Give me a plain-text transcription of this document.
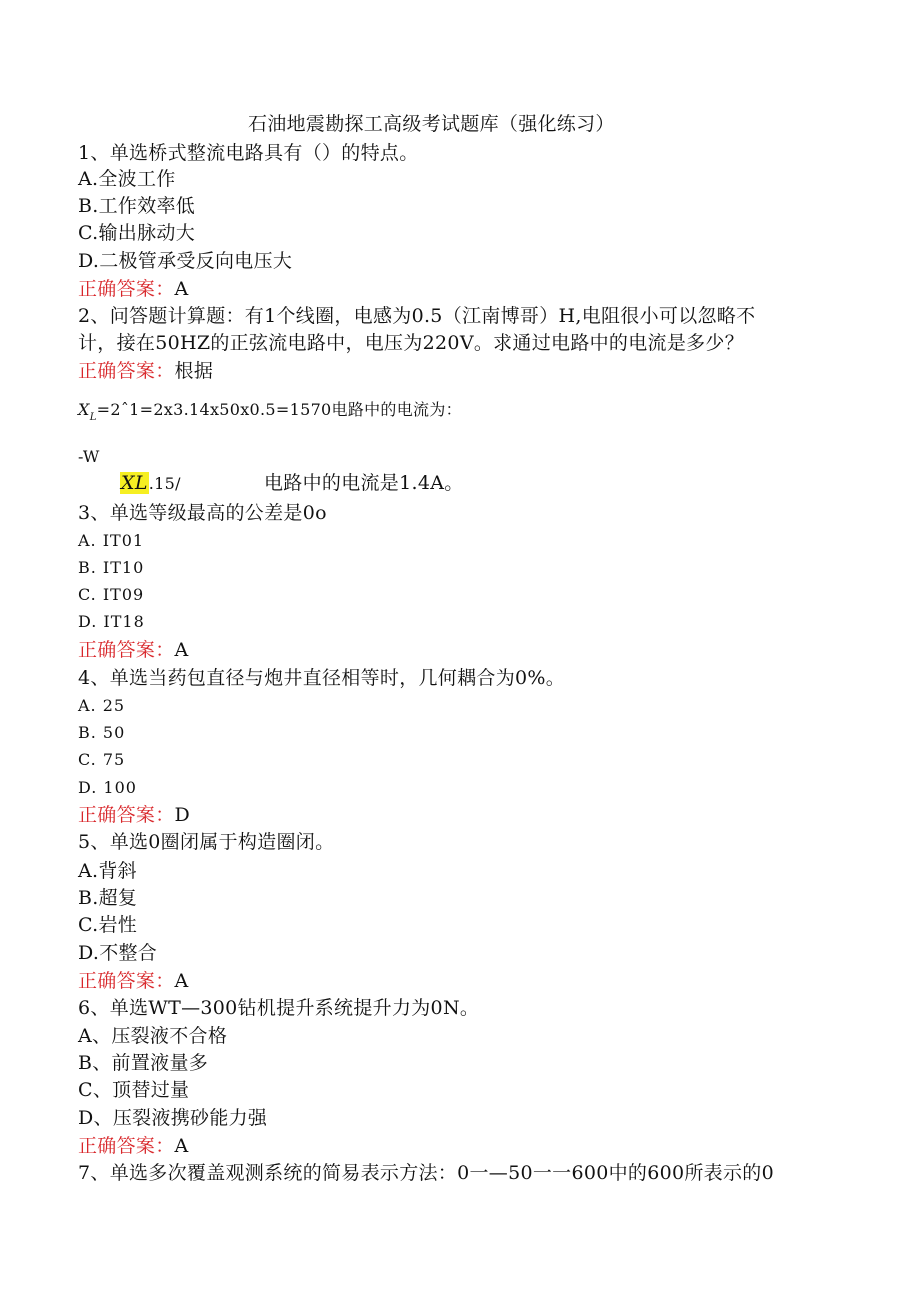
石油地震勘探工高级考试题库（强化练习）
1、单选桥式整流电路具有（）的特点。
A.全波工作
B.工作效率低
C.输出脉动大
D.二极管承受反向电压大
正确答案：A
2、问答题计算题：有1个线圈，电感为0.5（江南博哥）H,电阻很小可以忽略不
计，接在50HZ的正弦流电路中，电压为220V。求通过电路中的电流是多少？
正确答案：根据
$X_L=2ˆ1=2x3.14x50x0.5=1570$电路中的电流为：
-W
XL.15/	电路中的电流是1.4A。
3、单选等级最高的公差是0o
A. IT01
B. IT10
C. IT09
D. IT18
正确答案：A
4、单选当药包直径与炮井直径相等时，几何耦合为0%。
A. 25
B. 50
C. 75
D. 100
正确答案：D
5、单选0圈闭属于构造圈闭。
A.背斜
B.超复
C.岩性
D.不整合
正确答案：A
6、单选WT—300钻机提升系统提升力为0N。
A、压裂液不合格
B、前置液量多
C、顶替过量
D、压裂液携砂能力强
正确答案：A
7、单选多次覆盖观测系统的简易表示方法：0一—50一一600中的600所表示的0
